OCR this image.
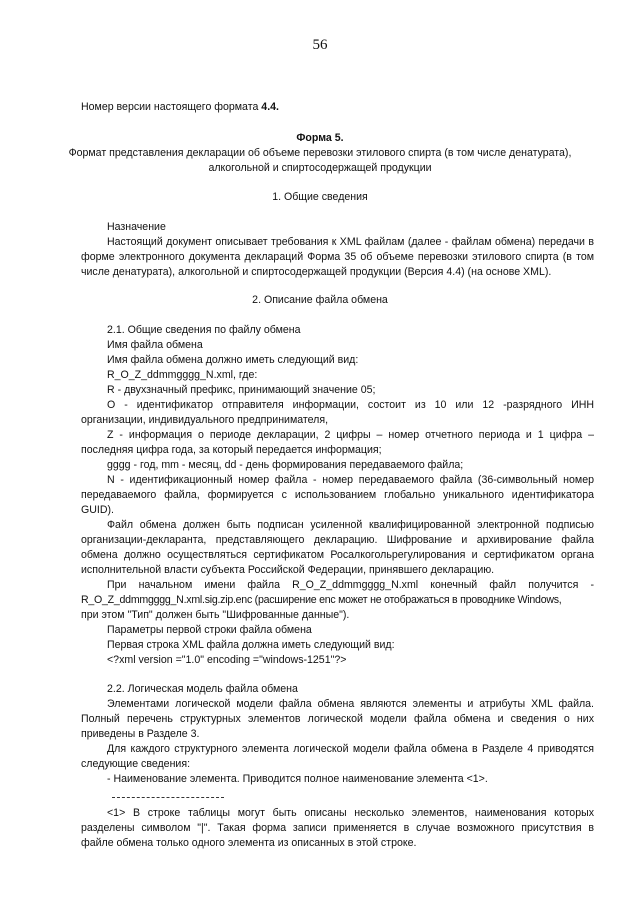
56
Номер версии настоящего формата 4.4.
Форма 5.
Формат представления декларации об объеме перевозки этилового спирта (в том числе денатурата),
алкогольной и спиртосодержащей продукции
1. Общие сведения
Назначение
Настоящий документ описывает требования к XML файлам (далее - файлам обмена) передачи в
форме электронного документа деклараций Форма 35 об объеме перевозки этилового спирта (в том
числе денатурата), алкогольной и спиртосодержащей продукции (Версия 4.4) (на основе XML).
2. Описание файла обмена
2.1. Общие сведения по файлу обмена
Имя файла обмена
Имя файла обмена должно иметь следующий вид:
R_O_Z_ddmmgggg_N.xml, где:
R - двухзначный префикс, принимающий значение 05;
О - идентификатор отправителя информации, состоит из 10 или 12 -разрядного ИНН
организации, индивидуального предпринимателя,
Z - информация о периоде декларации, 2 цифры – номер отчетного периода и 1 цифра –
последняя цифра года, за который передается информация;
gggg - год, mm - месяц, dd - день формирования передаваемого файла;
N - идентификационный номер файла - номер передаваемого файла (36-символьный номер
передаваемого файла, формируется с использованием глобально уникального идентификатора
GUID).
Файл обмена должен быть подписан усиленной квалифицированной электронной подписью
организации-декларанта, представляющего декларацию. Шифрование и архивирование файла
обмена должно осуществляться сертификатом Росалкогольрегулирования и сертификатом органа
исполнительной власти субъекта Российской Федерации, принявшего декларацию.
При начальном имени файла R_O_Z_ddmmgggg_N.xml конечный файл получится -
R_O_Z_ddmmgggg_N.xml.sig.zip.enc (расширение enc может не отображаться в проводнике Windows,
при этом "Тип" должен быть "Шифрованные данные").
Параметры первой строки файла обмена
Первая строка XML файла должна иметь следующий вид:
<?xml version ="1.0" encoding ="windows-1251"?>
2.2. Логическая модель файла обмена
Элементами логической модели файла обмена являются элементы и атрибуты XML файла.
Полный перечень структурных элементов логической модели файла обмена и сведения о них
приведены в Разделе 3.
Для каждого структурного элемента логической модели файла обмена в Разделе 4 приводятся
следующие сведения:
- Наименование элемента. Приводится полное наименование элемента <1>.
<1> В строке таблицы могут быть описаны несколько элементов, наименования которых
разделены символом "|". Такая форма записи применяется в случае возможного присутствия в
файле обмена только одного элемента из описанных в этой строке.
